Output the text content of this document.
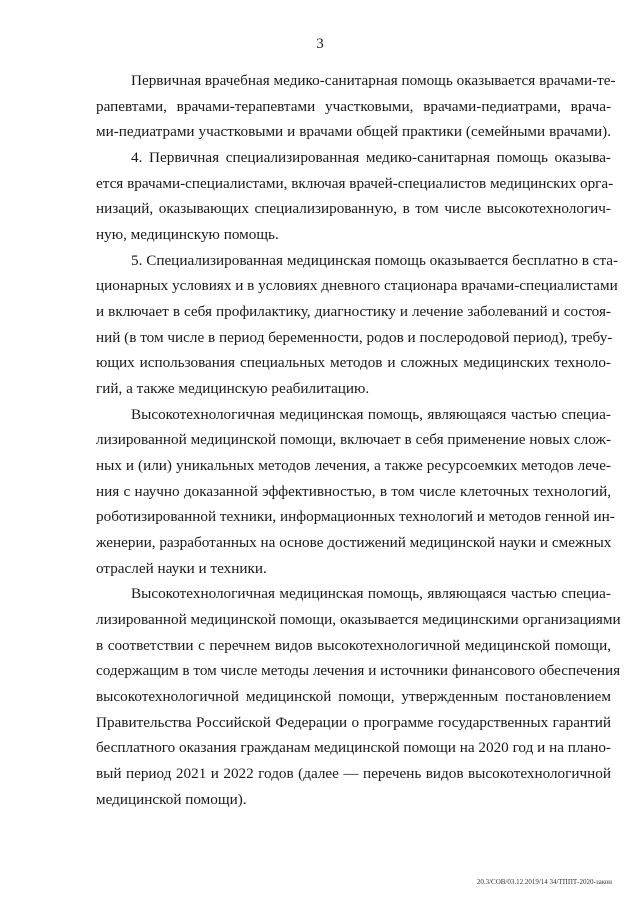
3
Первичная врачебная медико-санитарная помощь оказывается врачами-те-
рапевтами, врачами-терапевтами участковыми, врачами-педиатрами, врача-
ми-педиатрами участковыми и врачами общей практики (семейными врачами).
4. Первичная специализированная медико-санитарная помощь оказыва-
ется врачами-специалистами, включая врачей-специалистов медицинских орга-
низаций, оказывающих специализированную, в том числе высокотехнологич-
ную, медицинскую помощь.
5. Специализированная медицинская помощь оказывается бесплатно в ста-
ционарных условиях и в условиях дневного стационара врачами-специалистами
и включает в себя профилактику, диагностику и лечение заболеваний и состоя-
ний (в том числе в период беременности, родов и послеродовой период), требу-
ющих использования специальных методов и сложных медицинских техноло-
гий, а также медицинскую реабилитацию.
Высокотехнологичная медицинская помощь, являющаяся частью специа-
лизированной медицинской помощи, включает в себя применение новых слож-
ных и (или) уникальных методов лечения, а также ресурсоемких методов лече-
ния с научно доказанной эффективностью, в том числе клеточных технологий,
роботизированной техники, информационных технологий и методов генной ин-
женерии, разработанных на основе достижений медицинской науки и смежных
отраслей науки и техники.
Высокотехнологичная медицинская помощь, являющаяся частью специа-
лизированной медицинской помощи, оказывается медицинскими организациями
в соответствии с перечнем видов высокотехнологичной медицинской помощи,
содержащим в том числе методы лечения и источники финансового обеспечения
высокотехнологичной медицинской помощи, утвержденным постановлением
Правительства Российской Федерации о программе государственных гарантий
бесплатного оказания гражданам медицинской помощи на 2020 год и на плано-
вый период 2021 и 2022 годов (далее — перечень видов высокотехнологичной
медицинской помощи).
20.3/СОВ/03.12.2019/14 34/ТППТ-2020-закон
